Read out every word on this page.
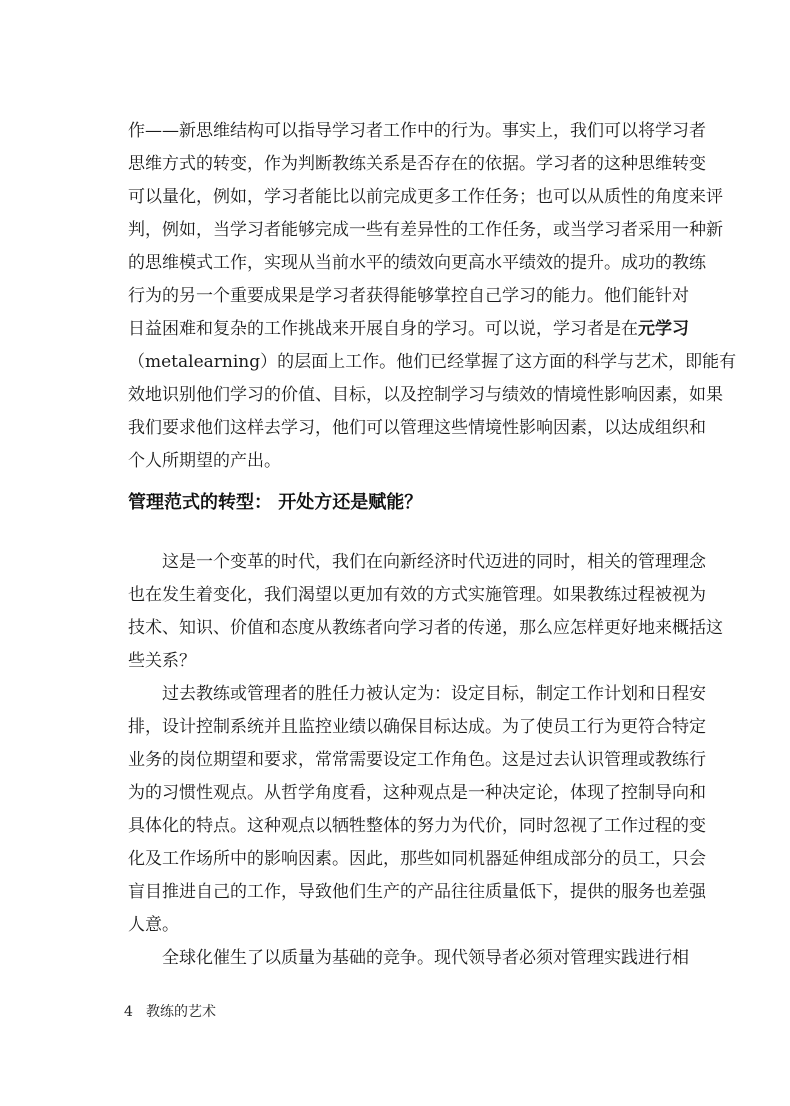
作——新思维结构可以指导学习者工作中的行为。事实上，我们可以将学习者
思维方式的转变，作为判断教练关系是否存在的依据。学习者的这种思维转变
可以量化，例如，学习者能比以前完成更多工作任务；也可以从质性的角度来评
判，例如，当学习者能够完成一些有差异性的工作任务，或当学习者采用一种新
的思维模式工作，实现从当前水平的绩效向更高水平绩效的提升。成功的教练
行为的另一个重要成果是学习者获得能够掌控自己学习的能力。他们能针对
日益困难和复杂的工作挑战来开展自身的学习。可以说，学习者是在元学习
（metalearning）的层面上工作。他们已经掌握了这方面的科学与艺术，即能有
效地识别他们学习的价值、目标，以及控制学习与绩效的情境性影响因素，如果
我们要求他们这样去学习，他们可以管理这些情境性影响因素，以达成组织和
个人所期望的产出。
管理范式的转型： 开处方还是赋能？
这是一个变革的时代，我们在向新经济时代迈进的同时，相关的管理理念
也在发生着变化，我们渴望以更加有效的方式实施管理。如果教练过程被视为
技术、知识、价值和态度从教练者向学习者的传递，那么应怎样更好地来概括这
些关系？
过去教练或管理者的胜任力被认定为：设定目标，制定工作计划和日程安
排，设计控制系统并且监控业绩以确保目标达成。为了使员工行为更符合特定
业务的岗位期望和要求，常常需要设定工作角色。这是过去认识管理或教练行
为的习惯性观点。从哲学角度看，这种观点是一种决定论，体现了控制导向和
具体化的特点。这种观点以牺牲整体的努力为代价，同时忽视了工作过程的变
化及工作场所中的影响因素。因此，那些如同机器延伸组成部分的员工，只会
盲目推进自己的工作，导致他们生产的产品往往质量低下，提供的服务也差强
人意。
全球化催生了以质量为基础的竞争。现代领导者必须对管理实践进行相
4 教练的艺术
